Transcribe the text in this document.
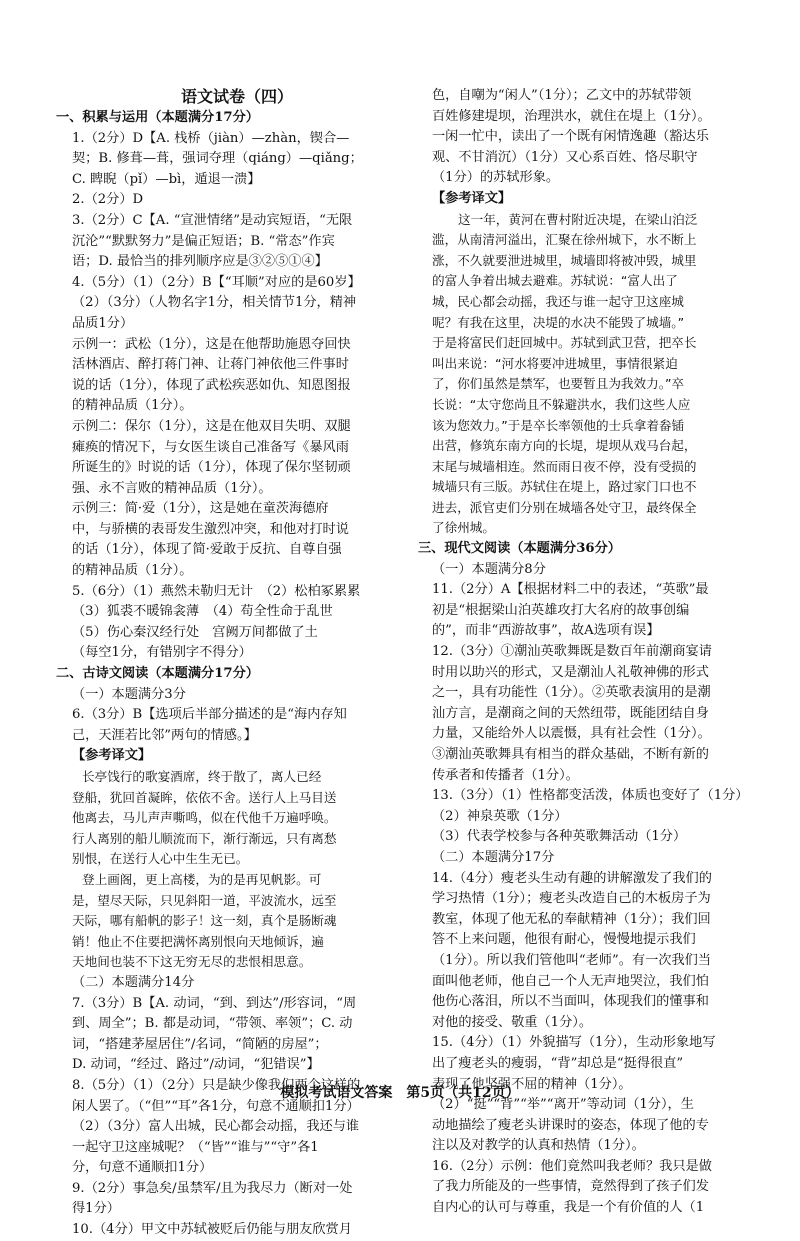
语文试卷（四）
一、积累与运用（本题满分17分）
1.（2分）D【A. 栈桥（jiàn）—zhàn，锲合—
契；B. 修葺—葺，强词夺理（qiáng）—qiǎng；
C. 睥睨（pǐ）—bì，遁退一溃】
2.（2分）D
3.（2分）C【A. “宣泄情绪”是动宾短语，“无限
沉沦”“默默努力”是偏正短语；B. “常态”作宾
语；D. 最恰当的排列顺序应是③②⑤①④】
4.（5分）（1）（2分）B【“耳顺”对应的是60岁】
（2）（3分）（人物名字1分，相关情节1分，精神
品质1分）
示例一：武松（1分），这是在他帮助施恩夺回快
活林酒店、醉打蒋门神、让蒋门神依他三件事时
说的话（1分），体现了武松疾恶如仇、知恩图报
的精神品质（1分）。
示例二：保尔（1分），这是在他双目失明、双腿
瘫痪的情况下，与女医生谈自己准备写《暴风雨
所诞生的》时说的话（1分），体现了保尔坚韧顽
强、永不言败的精神品质（1分）。
示例三：简·爱（1分），这是她在童茨海德府
中，与骄横的表哥发生激烈冲突，和他对打时说
的话（1分），体现了简·爱敢于反抗、自尊自强
的精神品质（1分）。
5.（6分）（1）燕然未勒归无计　（2）松柏冢累累
（3）狐裘不暖锦衾薄　（4）苟全性命于乱世
（5）伤心秦汉经行处　宫阙万间都做了土
（每空1分，有错别字不得分）
二、古诗文阅读（本题满分17分）
（一）本题满分3分
6.（3分）B【选项后半部分描述的是“海内存知
己，天涯若比邻”两句的情感。】
【参考译文】
长亭饯行的歌宴酒席，终于散了，离人已经
登船，犹回首凝眸，依依不舍。送行人上马目送
他离去，马儿声声嘶鸣，似在代他千万遍呼唤。
行人离别的船儿顺流而下，渐行渐远，只有离愁
别恨，在送行人心中生生无已。
登上画阁，更上高楼，为的是再见帆影。可
是，望尽天际，只见斜阳一道，平波流水，远至
天际，哪有船帆的影子！这一刻，真个是肠断魂
销！他止不住要把满怀离别恨向天地倾诉，遍
天地间也装不下这无穷无尽的悲恨相思意。
（二）本题满分14分
7.（3分）B【A. 动词，“到、到达”/形容词，“周
到、周全”；B. 都是动词，“带领、率领”；C. 动
词，“搭建茅屋居住”/名词，“简陋的房屋”；
D. 动词，“经过、路过”/动词，“犯错误”】
8.（5分）（1）（2分）只是缺少像我们两个这样的
闲人罢了。（“但”“耳”各1分，句意不通顺扣1分）
（2）（3分）富人出城，民心都会动摇，我还与谁
一起守卫这座城呢？（“皆”“谁与”“守”各1
分，句意不通顺扣1分）
9.（2分）事急矣/虽禁军/且为我尽力（断对一处
得1分）
10.（4分）甲文中苏轼被贬后仍能与朋友欣赏月
色，自嘲为“闲人”（1分）；乙文中的苏轼带领
百姓修建堤坝，治理洪水，就住在堤上（1分）。
一闲一忙中，读出了一个既有闲情逸趣（豁达乐
观、不甘消沉）（1分）又心系百姓、恪尽职守
（1分）的苏轼形象。
【参考译文】
这一年，黄河在曹村附近决堤，在梁山泊泛
滥，从南清河溢出，汇聚在徐州城下，水不断上
涨，不久就要泄进城里，城墙即将被冲毁，城里
的富人争着出城去避难。苏轼说：“富人出了
城，民心都会动摇，我还与谁一起守卫这座城
呢？有我在这里，决堤的水决不能毁了城墙。”
于是将富民们赶回城中。苏轼到武卫营，把卒长
叫出来说：“河水将要冲进城里，事情很紧迫
了，你们虽然是禁军，也要暂且为我效力。”卒
长说：“太守您尚且不躲避洪水，我们这些人应
该为您效力。”于是卒长率领他的士兵拿着畚锸
出营，修筑东南方向的长堤，堤坝从戏马台起，
末尾与城墙相连。然而雨日夜不停，没有受损的
城墙只有三版。苏轼住在堤上，路过家门口也不
进去，派官吏们分别在城墙各处守卫，最终保全
了徐州城。
三、现代文阅读（本题满分36分）
（一）本题满分8分
11.（2分）A【根据材料二中的表述，“英歌”最
初是“根据梁山泊英雄攻打大名府的故事创编
的”，而非“西游故事”，故A选项有误】
12.（3分）①潮汕英歌舞既是数百年前潮商宴请
时用以助兴的形式，又是潮汕人礼敬神佛的形式
之一，具有功能性（1分）。②英歌表演用的是潮
汕方言，是潮商之间的天然纽带，既能团结自身
力量，又能给外人以震慑，具有社会性（1分）。
③潮汕英歌舞具有相当的群众基础，不断有新的
传承者和传播者（1分）。
13.（3分）（1）性格都变活泼，体质也变好了（1分）
（2）神泉英歌（1分）
（3）代表学校参与各种英歌舞活动（1分）
（二）本题满分17分
14.（4分）瘦老头生动有趣的讲解激发了我们的
学习热情（1分）；瘦老头改造自己的木板房子为
教室，体现了他无私的奉献精神（1分）；我们回
答不上来问题，他很有耐心，慢慢地提示我们
（1分）。所以我们管他叫“老师”。有一次我们当
面叫他老师，他自己一个人无声地哭泣，我们怕
他伤心落泪，所以不当面叫，体现我们的懂事和
对他的接受、敬重（1分）。
15.（4分）（1）外貌描写（1分），生动形象地写
出了瘦老头的瘦弱，“背”却总是“挺得很直”
表现了他坚强不屈的精神（1分）。
（2）“挺”“背”“举”“离开”等动词（1分），生
动地描绘了瘦老头讲课时的姿态，体现了他的专
注以及对教学的认真和热情（1分）。
16.（2分）示例：他们竟然叫我老师？我只是做
了我力所能及的一些事情，竟然得到了孩子们发
自内心的认可与尊重，我是一个有价值的人（1
模拟考试语文答案　第5页（共12页）
